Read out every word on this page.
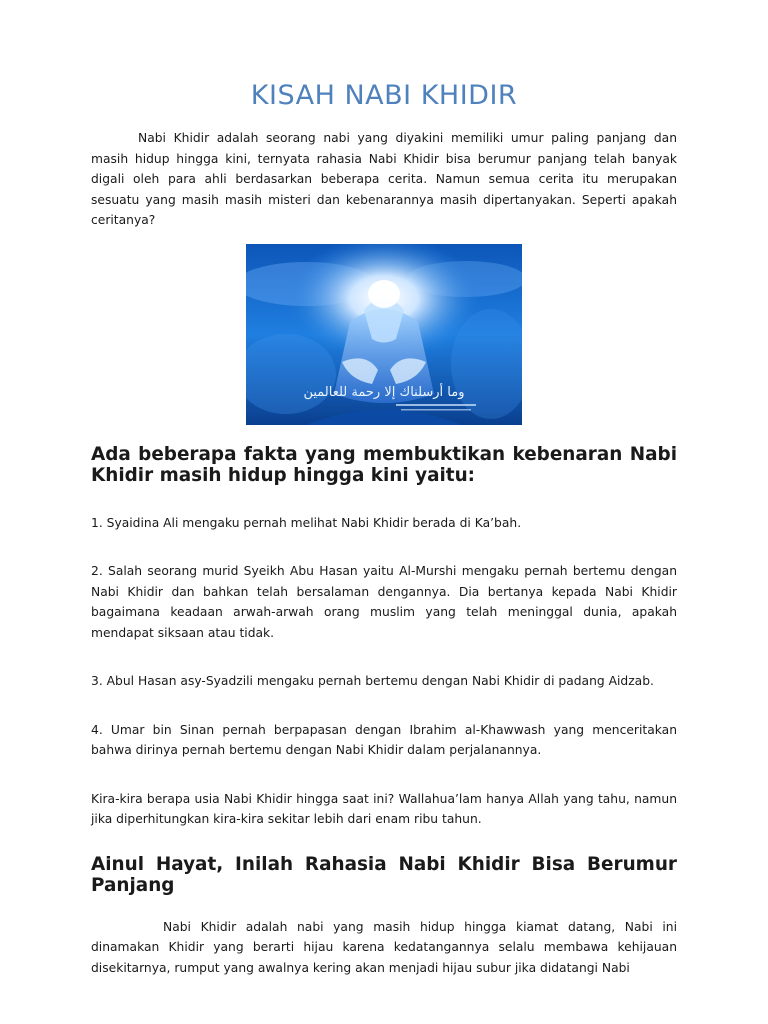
KISAH NABI KHIDIR

Nabi Khidir adalah seorang nabi yang diyakini memiliki umur paling panjang dan masih hidup hingga kini, ternyata rahasia Nabi Khidir bisa berumur panjang telah banyak digali oleh para ahli berdasarkan beberapa cerita. Namun semua cerita itu merupakan sesuatu yang masih masih misteri dan kebenarannya masih dipertanyakan. Seperti apakah ceritanya?

وما أرسلناك إلا رحمة للعالمين
Ada beberapa fakta yang membuktikan kebenaran Nabi Khidir masih hidup hingga kini yaitu:

1. Syaidina Ali mengaku pernah melihat Nabi Khidir berada di Ka’bah.

2. Salah seorang murid Syeikh Abu Hasan yaitu Al-Murshi mengaku pernah bertemu dengan Nabi Khidir dan bahkan telah bersalaman dengannya. Dia bertanya kepada Nabi Khidir bagaimana keadaan arwah-arwah orang muslim yang telah meninggal dunia, apakah mendapat siksaan atau tidak.

3. Abul Hasan asy-Syadzili mengaku pernah bertemu dengan Nabi Khidir di padang Aidzab.

4. Umar bin Sinan pernah berpapasan dengan Ibrahim al-Khawwash yang menceritakan bahwa dirinya pernah bertemu dengan Nabi Khidir dalam perjalanannya.

Kira-kira berapa usia Nabi Khidir hingga saat ini? Wallahua’lam hanya Allah yang tahu, namun jika diperhitungkan kira-kira sekitar lebih dari enam ribu tahun.

Ainul Hayat, Inilah Rahasia Nabi Khidir Bisa Berumur Panjang

Nabi Khidir adalah nabi yang masih hidup hingga kiamat datang, Nabi ini dinamakan Khidir yang berarti hijau karena kedatangannya selalu membawa kehijauan disekitarnya, rumput yang awalnya kering akan menjadi hijau subur jika didatangi Nabi
